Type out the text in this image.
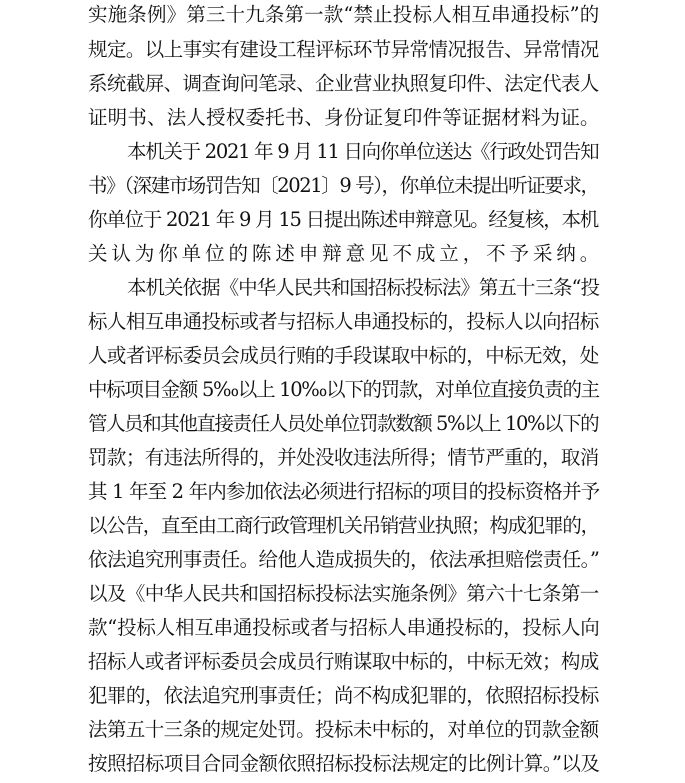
实施条例》第三十九条第一款“禁止投标人相互串通投标”的
规定。以上事实有建设工程评标环节异常情况报告、异常情况
系统截屏、调查询问笔录、企业营业执照复印件、法定代表人
证明书、法人授权委托书、身份证复印件等证据材料为证。
本机关于 2021 年 9 月 11 日向你单位送达《行政处罚告知
书》（深建市场罚告知〔2021〕9 号），你单位未提出听证要求，
你单位于 2021 年 9 月 15 日提出陈述申辩意见。经复核，本机
关认为你单位的陈述申辩意见不成立，不予采纳。
本机关依据《中华人民共和国招标投标法》第五十三条“投
标人相互串通投标或者与招标人串通投标的，投标人以向招标
人或者评标委员会成员行贿的手段谋取中标的，中标无效，处
中标项目金额 5‰以上 10‰以下的罚款，对单位直接负责的主
管人员和其他直接责任人员处单位罚款数额 5%以上 10%以下的
罚款；有违法所得的，并处没收违法所得；情节严重的，取消
其 1 年至 2 年内参加依法必须进行招标的项目的投标资格并予
以公告，直至由工商行政管理机关吊销营业执照；构成犯罪的，
依法追究刑事责任。给他人造成损失的，依法承担赔偿责任。”
以及《中华人民共和国招标投标法实施条例》第六十七条第一
款“投标人相互串通投标或者与招标人串通投标的，投标人向
招标人或者评标委员会成员行贿谋取中标的，中标无效；构成
犯罪的，依法追究刑事责任；尚不构成犯罪的，依照招标投标
法第五十三条的规定处罚。投标未中标的，对单位的罚款金额
按照招标项目合同金额依照招标投标法规定的比例计算。”以及
